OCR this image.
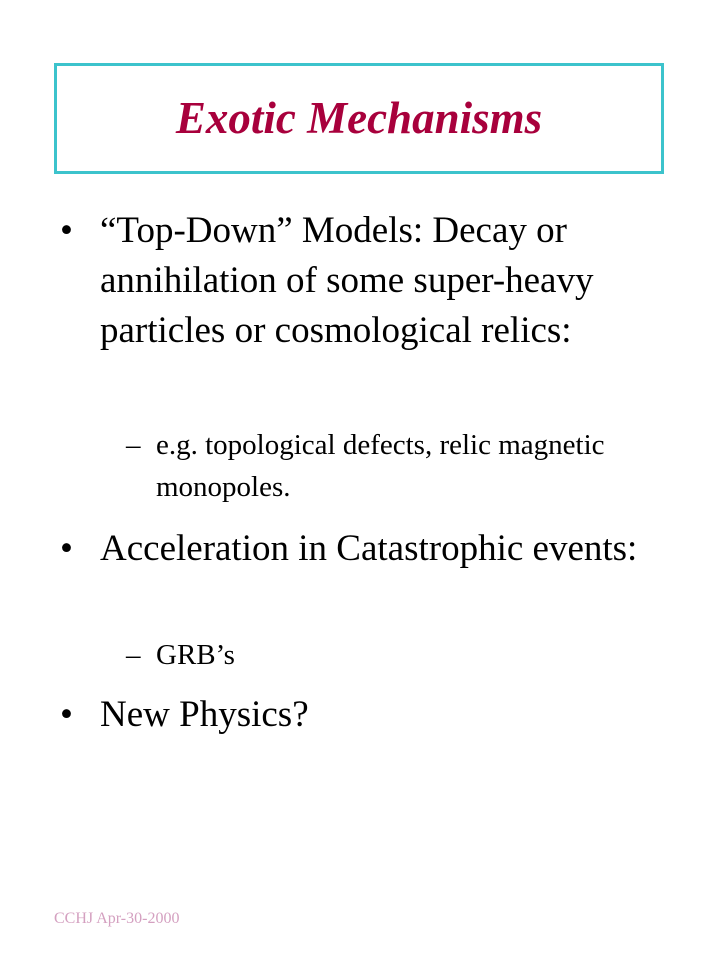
Exotic Mechanisms
• “Top-Down” Models: Decay or annihilation of some super-heavy particles or cosmological relics:
– e.g. topological defects, relic magnetic monopoles.
• Acceleration in Catastrophic events:
– GRB’s
• New Physics?
CCHJ Apr-30-2000
